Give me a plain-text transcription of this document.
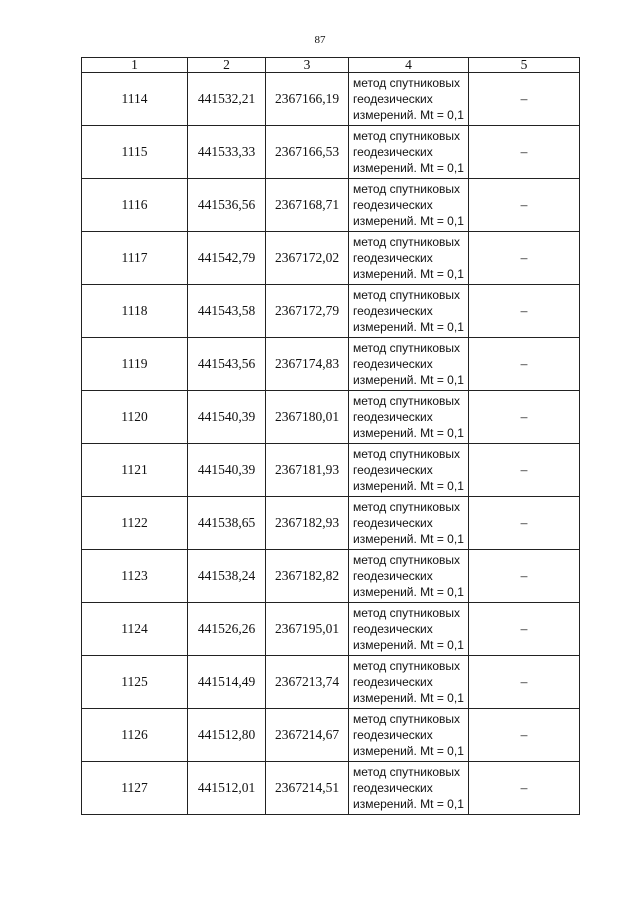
87
1	2	3	4	5
1114	441532,21	2367166,19	метод спутниковых
геодезических
измерений. Mt = 0,1	–
1115	441533,33	2367166,53	метод спутниковых
геодезических
измерений. Mt = 0,1	–
1116	441536,56	2367168,71	метод спутниковых
геодезических
измерений. Mt = 0,1	–
1117	441542,79	2367172,02	метод спутниковых
геодезических
измерений. Mt = 0,1	–
1118	441543,58	2367172,79	метод спутниковых
геодезических
измерений. Mt = 0,1	–
1119	441543,56	2367174,83	метод спутниковых
геодезических
измерений. Mt = 0,1	–
1120	441540,39	2367180,01	метод спутниковых
геодезических
измерений. Mt = 0,1	–
1121	441540,39	2367181,93	метод спутниковых
геодезических
измерений. Mt = 0,1	–
1122	441538,65	2367182,93	метод спутниковых
геодезических
измерений. Mt = 0,1	–
1123	441538,24	2367182,82	метод спутниковых
геодезических
измерений. Mt = 0,1	–
1124	441526,26	2367195,01	метод спутниковых
геодезических
измерений. Mt = 0,1	–
1125	441514,49	2367213,74	метод спутниковых
геодезических
измерений. Mt = 0,1	–
1126	441512,80	2367214,67	метод спутниковых
геодезических
измерений. Mt = 0,1	–
1127	441512,01	2367214,51	метод спутниковых
геодезических
измерений. Mt = 0,1	–
